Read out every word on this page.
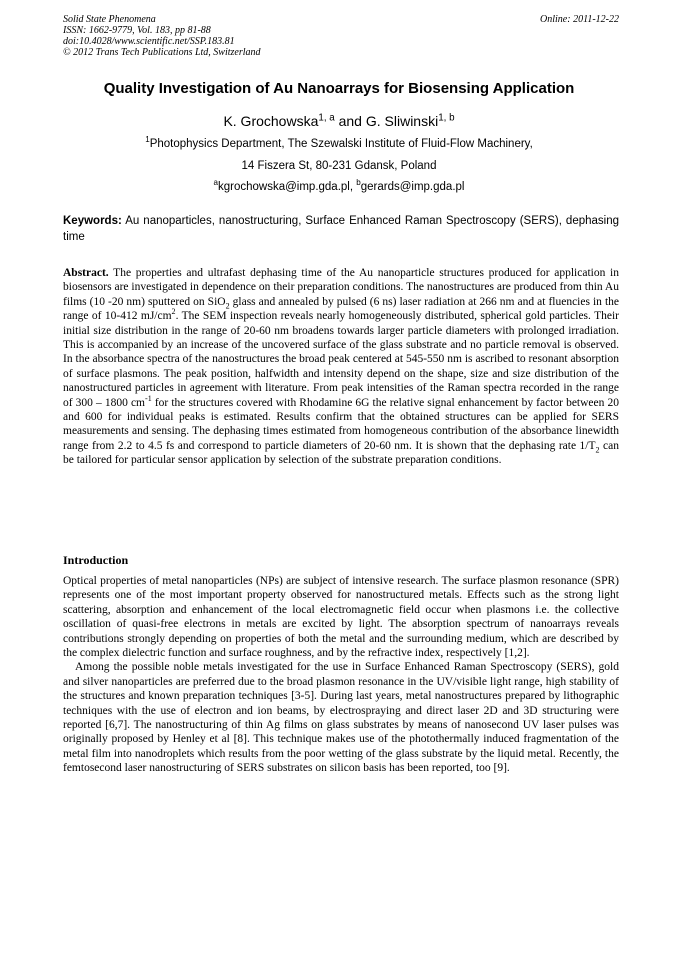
Solid State Phenomena
ISSN: 1662-9779, Vol. 183, pp 81-88
doi:10.4028/www.scientific.net/SSP.183.81
© 2012 Trans Tech Publications Ltd, Switzerland
Online: 2011-12-22
Quality Investigation of Au Nanoarrays for Biosensing Application
K. Grochowska$^{1, a}$ and G. Sliwinski$^{1, b}$
$^1$Photophysics Department, The Szewalski Institute of Fluid-Flow Machinery,
14 Fiszera St, 80-231 Gdansk, Poland
$^a$kgrochowska@imp.gda.pl, $^b$gerards@imp.gda.pl
Keywords: Au nanoparticles, nanostructuring, Surface Enhanced Raman Spectroscopy (SERS), dephasing time
Abstract. The properties and ultrafast dephasing time of the Au nanoparticle structures produced for application in biosensors are investigated in dependence on their preparation conditions. The nanostructures are produced from thin Au films (10 -20 nm) sputtered on SiO$_2$ glass and annealed by pulsed (6 ns) laser radiation at 266 nm and at fluencies in the range of 10-412 $mJ/cm^2$. The SEM inspection reveals nearly homogeneously distributed, spherical gold particles. Their initial size distribution in the range of 20-60 nm broadens towards larger particle diameters with prolonged irradiation. This is accompanied by an increase of the uncovered surface of the glass substrate and no particle removal is observed. In the absorbance spectra of the nanostructures the broad peak centered at 545-550 nm is ascribed to resonant absorption of surface plasmons. The peak position, halfwidth and intensity depend on the shape, size and size distribution of the nanostructured particles in agreement with literature. From peak intensities of the Raman spectra recorded in the range of 300 – 1800 $cm^{-1}$ for the structures covered with Rhodamine 6G the relative signal enhancement by factor between 20 and 600 for individual peaks is estimated. Results confirm that the obtained structures can be applied for SERS measurements and sensing. The dephasing times estimated from homogeneous contribution of the absorbance linewidth range from 2.2 to 4.5 fs and correspond to particle diameters of 20-60 nm. It is shown that the dephasing rate $1/T_2$ can be tailored for particular sensor application by selection of the substrate preparation conditions.
Introduction

Optical properties of metal nanoparticles (NPs) are subject of intensive research. The surface plasmon resonance (SPR) represents one of the most important property observed for nanostructured metals. Effects such as the strong light scattering, absorption and enhancement of the local electromagnetic field occur when plasmons i.e. the collective oscillation of quasi-free electrons in metals are excited by light. The absorption spectrum of nanoarrays reveals contributions strongly depending on properties of both the metal and the surrounding medium, which are described by the complex dielectric function and surface roughness, and by the refractive index, respectively [1,2].

Among the possible noble metals investigated for the use in Surface Enhanced Raman Spectroscopy (SERS), gold and silver nanoparticles are preferred due to the broad plasmon resonance in the UV/visible light range, high stability of the structures and known preparation techniques [3-5]. During last years, metal nanostructures prepared by lithographic techniques with the use of electron and ion beams, by electrospraying and direct laser 2D and 3D structuring were reported [6,7]. The nanostructuring of thin Ag films on glass substrates by means of nanosecond UV laser pulses was originally proposed by Henley et al [8]. This technique makes use of the photothermally induced fragmentation of the metal film into nanodroplets which results from the poor wetting of the glass substrate by the liquid metal. Recently, the femtosecond laser nanostructuring of SERS substrates on silicon basis has been reported, too [9].
